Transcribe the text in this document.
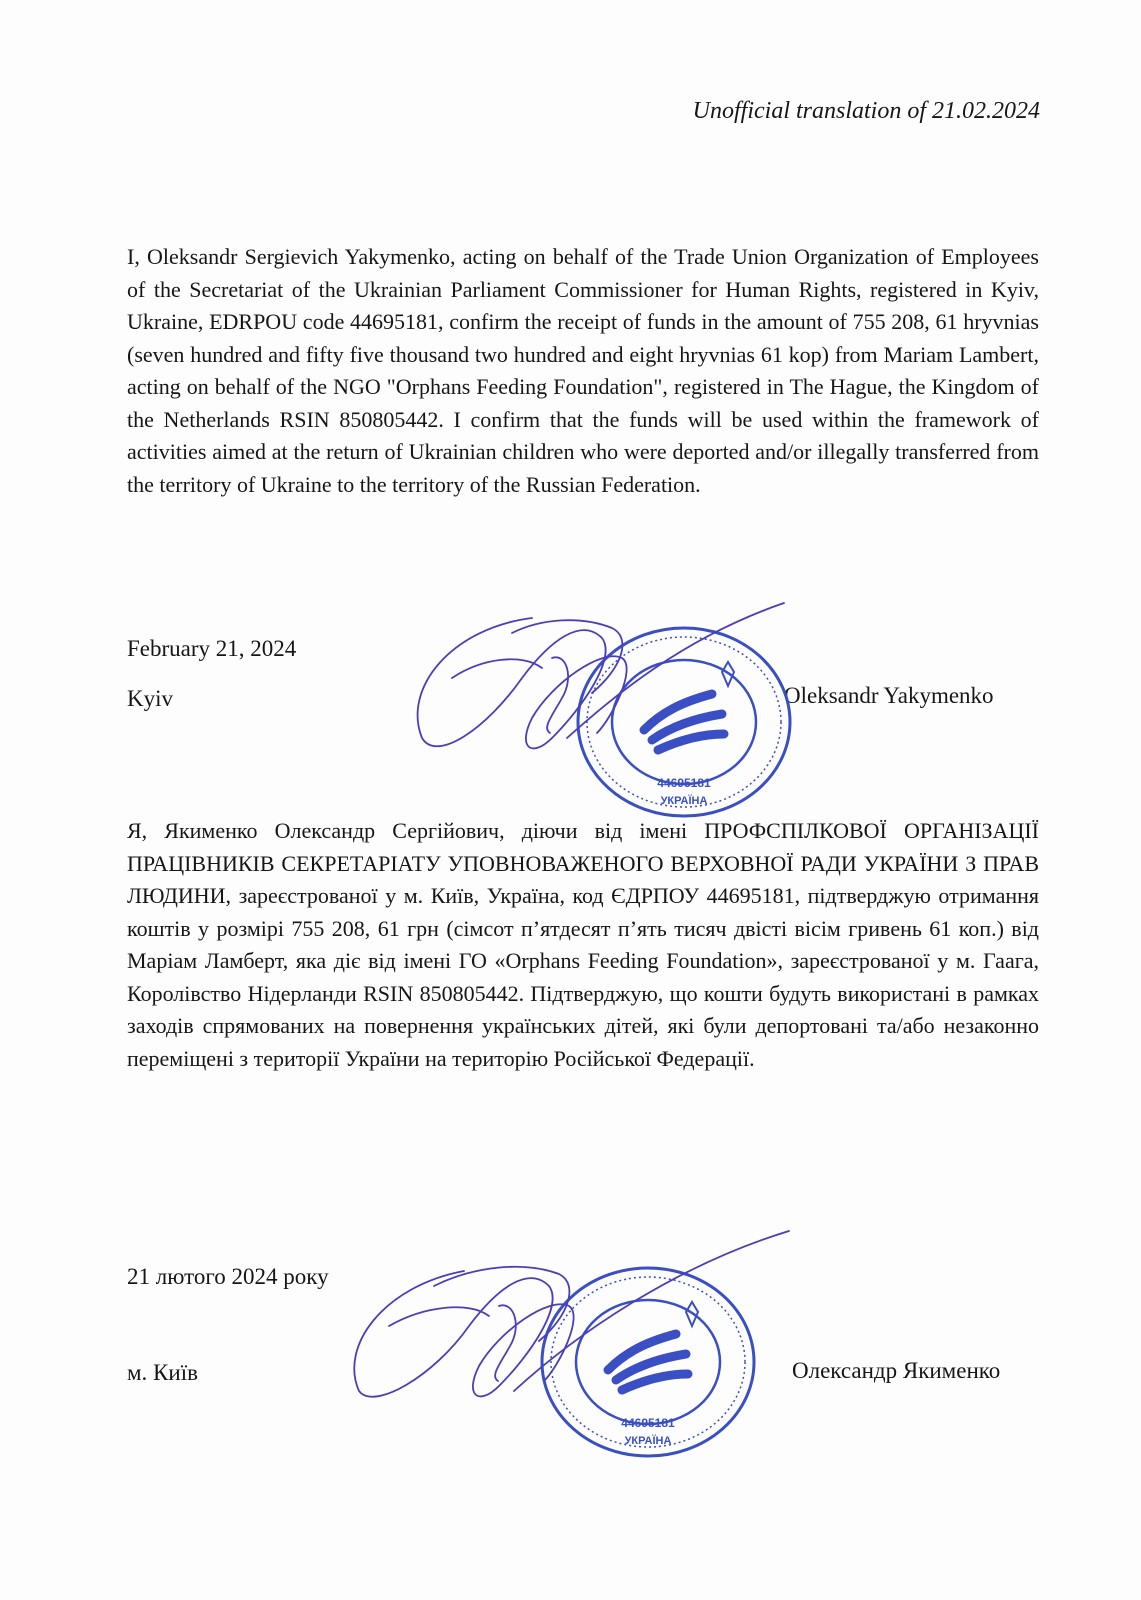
Unofficial translation of 21.02.2024

I, Oleksandr Sergievich Yakymenko, acting on behalf of the Trade Union Organization of Employees of the Secretariat of the Ukrainian Parliament Commissioner for Human Rights, registered in Kyiv, Ukraine, EDRPOU code 44695181, confirm the receipt of funds in the amount of 755 208, 61 hryvnias (seven hundred and fifty five thousand two hundred and eight hryvnias 61 kop) from Mariam Lambert, acting on behalf of the NGO "Orphans Feeding Foundation", registered in The Hague, the Kingdom of the Netherlands RSIN 850805442. I confirm that the funds will be used within the framework of activities aimed at the return of Ukrainian children who were deported and/or illegally transferred from the territory of Ukraine to the territory of the Russian Federation.

February 21, 2024
Kyiv	Oleksandr Yakymenko
44695181
УКРАЇНА

Я, Якименко Олександр Сергійович, діючи від імені ПРОФСПІЛКОВОЇ ОРГАНІЗАЦІЇ ПРАЦІВНИКІВ СЕКРЕТАРІАТУ УПОВНОВАЖЕНОГО ВЕРХОВНОЇ РАДИ УКРАЇНИ З ПРАВ ЛЮДИНИ, зареєстрованої у м. Київ, Україна, код ЄДРПОУ 44695181, підтверджую отримання коштів у розмірі 755 208, 61 грн (сімсот п’ятдесят п’ять тисяч двісті вісім гривень 61 коп.) від Маріам Ламберт, яка діє від імені ГО «Orphans Feeding Foundation», зареєстрованої у м. Гаага, Королівство Нідерланди RSIN 850805442. Підтверджую, що кошти будуть використані в рамках заходів спрямованих на повернення українських дітей, які були депортовані та/або незаконно переміщені з території України на територію Російської Федерації.

21 лютого 2024 року
м. Київ	Олександр Якименко
44695181
УКРАЇНА
